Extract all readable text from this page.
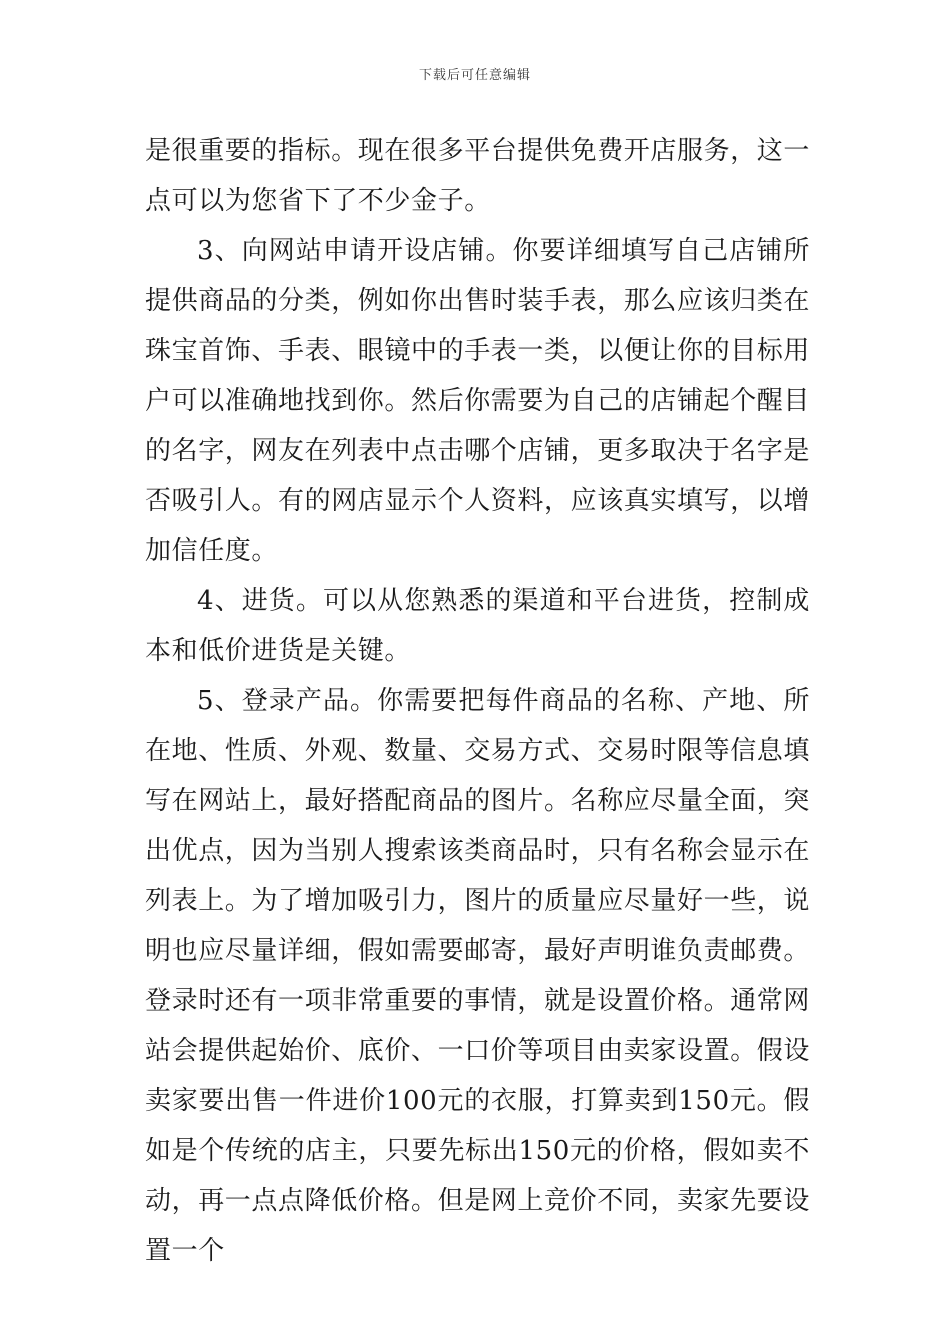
下载后可任意编辑

是很重要的指标。现在很多平台提供免费开店服务，这一点可以为您省下了不少金子。

3、向网站申请开设店铺。你要详细填写自己店铺所提供商品的分类，例如你出售时装手表，那么应该归类在珠宝首饰、手表、眼镜中的手表一类，以便让你的目标用户可以准确地找到你。然后你需要为自己的店铺起个醒目的名字，网友在列表中点击哪个店铺，更多取决于名字是否吸引人。有的网店显示个人资料，应该真实填写，以增加信任度。

4、进货。可以从您熟悉的渠道和平台进货，控制成本和低价进货是关键。

5、登录产品。你需要把每件商品的名称、产地、所在地、性质、外观、数量、交易方式、交易时限等信息填写在网站上，最好搭配商品的图片。名称应尽量全面，突出优点，因为当别人搜索该类商品时，只有名称会显示在列表上。为了增加吸引力，图片的质量应尽量好一些，说明也应尽量详细，假如需要邮寄，最好声明谁负责邮费。登录时还有一项非常重要的事情，就是设置价格。通常网站会提供起始价、底价、一口价等项目由卖家设置。假设卖家要出售一件进价100元的衣服，打算卖到150元。假如是个传统的店主，只要先标出150元的价格，假如卖不动，再一点点降低价格。但是网上竞价不同，卖家先要设置一个
